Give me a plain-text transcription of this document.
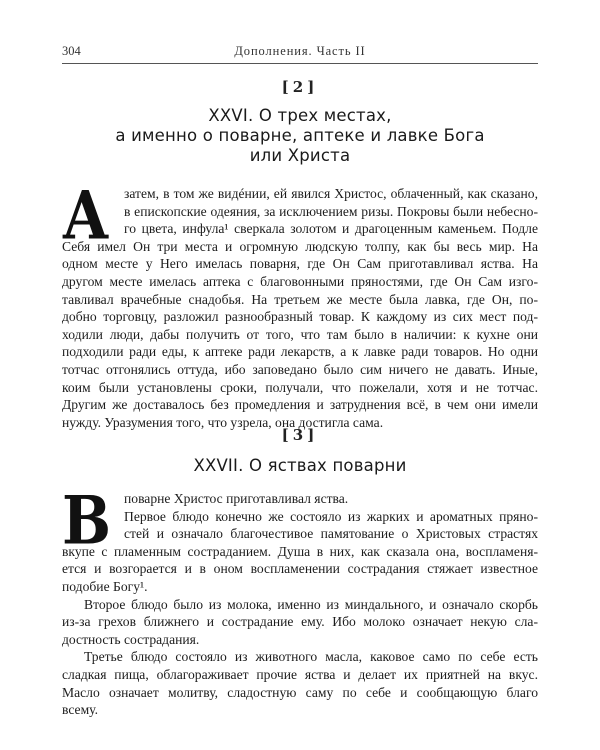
304	Дополнения. Часть II
[2]
XXVI. О трех местах,
а именно о поварне, аптеке и лавке Бога
или Христа
А	затем, в том же видéнии, ей явился Христос, облаченный, как сказано,
в епископские одеяния, за исключением ризы. Покровы были небесно-
го цвета, инфула¹ сверкала золотом и драгоценным каменьем. Подле
Себя имел Он три места и огромную людскую толпу, как бы весь мир. На
одном месте у Него имелась поварня, где Он Сам приготавливал яства. На
другом месте имелась аптека с благовонными пряностями, где Он Сам изго-
тавливал врачебные снадобья. На третьем же месте была лавка, где Он, по-
добно торговцу, разложил разнообразный товар. К каждому из сих мест под-
ходили люди, дабы получить от того, что там было в наличии: к кухне они
подходили ради еды, к аптеке ради лекарств, а к лавке ради товаров. Но одни
тотчас отгонялись оттуда, ибо заповедано было сим ничего не давать. Иные,
коим были установлены сроки, получали, что пожелали, хотя и не тотчас.
Другим же доставалось без промедления и затруднения всё, в чем они имели
нужду. Уразумения того, что узрела, она достигла сама.
[3]
XXVII. О яствах поварни
В поварне Христос приготавливал яства.
Первое блюдо конечно же состояло из жарких и ароматных пряно-
стей и означало благочестивое памятование о Христовых страстях
вкупе с пламенным состраданием. Душа в них, как сказала она, воспламеня-
ется и возгорается и в оном воспламенении сострадания стяжает известное
подобие Богу¹.
Второе блюдо было из молока, именно из миндального, и означало скорбь
из-за грехов ближнего и сострадание ему. Ибо молоко означает некую сла-
достность сострадания.
Третье блюдо состояло из животного масла, каковое само по себе есть
сладкая пища, облагораживает прочие яства и делает их приятней на вкус.
Масло означает молитву, сладостную саму по себе и сообщающую благо
всему.
